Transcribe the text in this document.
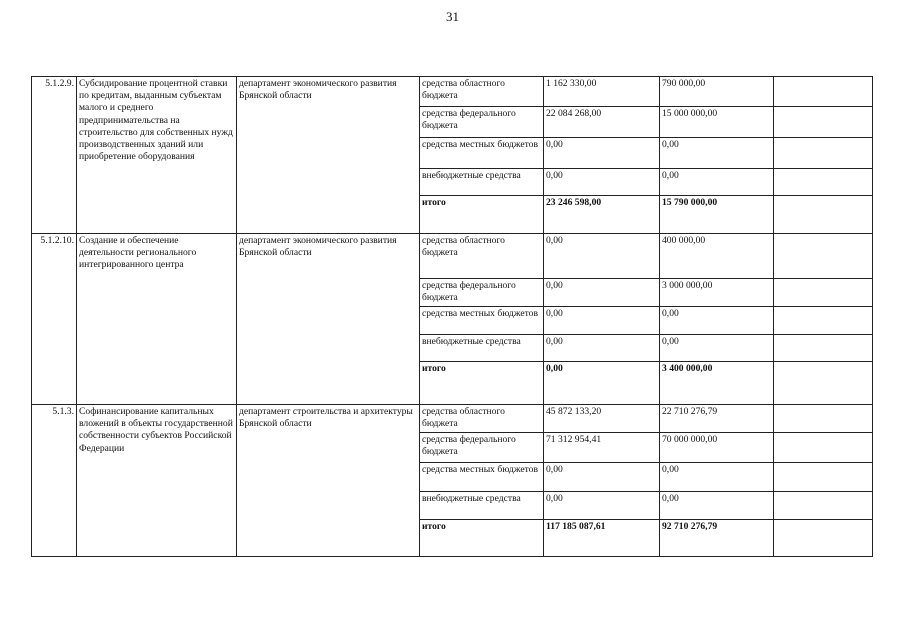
31
5.1.2.9.	Субсидирование процентной ставки по кредитам, выданным субъектам малого и среднего предпринимательства на строительство для собственных нужд производственных зданий или приобретение оборудования	департамент экономического развития Брянской области	средства областного бюджета	1 162 330,00	790 000,00	
			средства федерального бюджета	22 084 268,00	15 000 000,00	
			средства местных бюджетов	0,00	0,00	
			внебюджетные средства	0,00	0,00	
			итого	23 246 598,00	15 790 000,00	
5.1.2.10.	Создание и обеспечение деятельности регионального интегрированного центра	департамент экономического развития Брянской области	средства областного бюджета	0,00	400 000,00	
			средства федерального бюджета	0,00	3 000 000,00	
			средства местных бюджетов	0,00	0,00	
			внебюджетные средства	0,00	0,00	
			итого	0,00	3 400 000,00	
5.1.3.	Софинансирование капитальных вложений в объекты государственной собственности субъектов Российской Федерации	департамент строительства и архитектуры Брянской области	средства областного бюджета	45 872 133,20	22 710 276,79	
			средства федерального бюджета	71 312 954,41	70 000 000,00	
			средства местных бюджетов	0,00	0,00	
			внебюджетные средства	0,00	0,00	
			итого	117 185 087,61	92 710 276,79	
